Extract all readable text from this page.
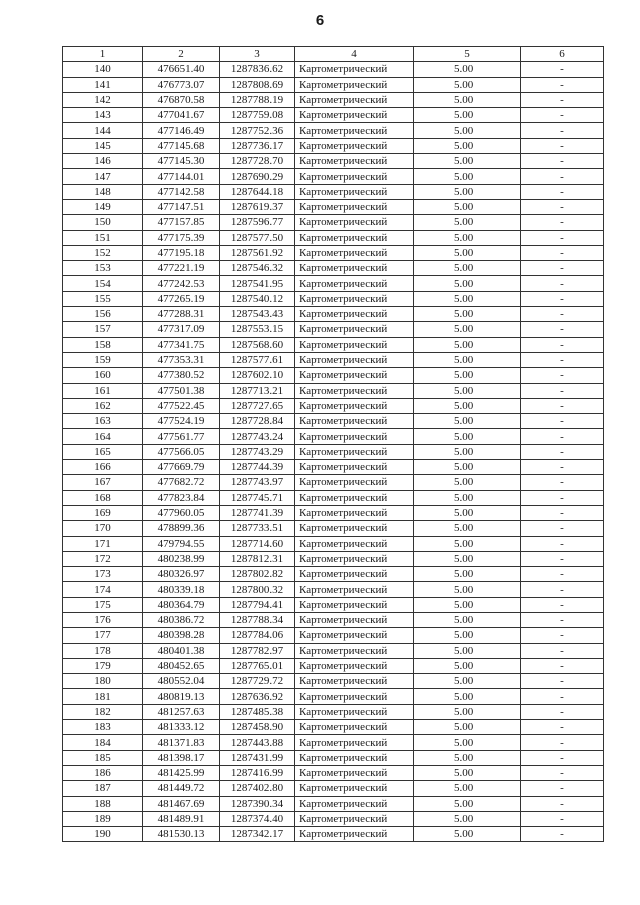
6
1	2	3	4	5	6
140	476651.40	1287836.62	Картометрический	5.00	-
141	476773.07	1287808.69	Картометрический	5.00	-
142	476870.58	1287788.19	Картометрический	5.00	-
143	477041.67	1287759.08	Картометрический	5.00	-
144	477146.49	1287752.36	Картометрический	5.00	-
145	477145.68	1287736.17	Картометрический	5.00	-
146	477145.30	1287728.70	Картометрический	5.00	-
147	477144.01	1287690.29	Картометрический	5.00	-
148	477142.58	1287644.18	Картометрический	5.00	-
149	477147.51	1287619.37	Картометрический	5.00	-
150	477157.85	1287596.77	Картометрический	5.00	-
151	477175.39	1287577.50	Картометрический	5.00	-
152	477195.18	1287561.92	Картометрический	5.00	-
153	477221.19	1287546.32	Картометрический	5.00	-
154	477242.53	1287541.95	Картометрический	5.00	-
155	477265.19	1287540.12	Картометрический	5.00	-
156	477288.31	1287543.43	Картометрический	5.00	-
157	477317.09	1287553.15	Картометрический	5.00	-
158	477341.75	1287568.60	Картометрический	5.00	-
159	477353.31	1287577.61	Картометрический	5.00	-
160	477380.52	1287602.10	Картометрический	5.00	-
161	477501.38	1287713.21	Картометрический	5.00	-
162	477522.45	1287727.65	Картометрический	5.00	-
163	477524.19	1287728.84	Картометрический	5.00	-
164	477561.77	1287743.24	Картометрический	5.00	-
165	477566.05	1287743.29	Картометрический	5.00	-
166	477669.79	1287744.39	Картометрический	5.00	-
167	477682.72	1287743.97	Картометрический	5.00	-
168	477823.84	1287745.71	Картометрический	5.00	-
169	477960.05	1287741.39	Картометрический	5.00	-
170	478899.36	1287733.51	Картометрический	5.00	-
171	479794.55	1287714.60	Картометрический	5.00	-
172	480238.99	1287812.31	Картометрический	5.00	-
173	480326.97	1287802.82	Картометрический	5.00	-
174	480339.18	1287800.32	Картометрический	5.00	-
175	480364.79	1287794.41	Картометрический	5.00	-
176	480386.72	1287788.34	Картометрический	5.00	-
177	480398.28	1287784.06	Картометрический	5.00	-
178	480401.38	1287782.97	Картометрический	5.00	-
179	480452.65	1287765.01	Картометрический	5.00	-
180	480552.04	1287729.72	Картометрический	5.00	-
181	480819.13	1287636.92	Картометрический	5.00	-
182	481257.63	1287485.38	Картометрический	5.00	-
183	481333.12	1287458.90	Картометрический	5.00	-
184	481371.83	1287443.88	Картометрический	5.00	-
185	481398.17	1287431.99	Картометрический	5.00	-
186	481425.99	1287416.99	Картометрический	5.00	-
187	481449.72	1287402.80	Картометрический	5.00	-
188	481467.69	1287390.34	Картометрический	5.00	-
189	481489.91	1287374.40	Картометрический	5.00	-
190	481530.13	1287342.17	Картометрический	5.00	-
